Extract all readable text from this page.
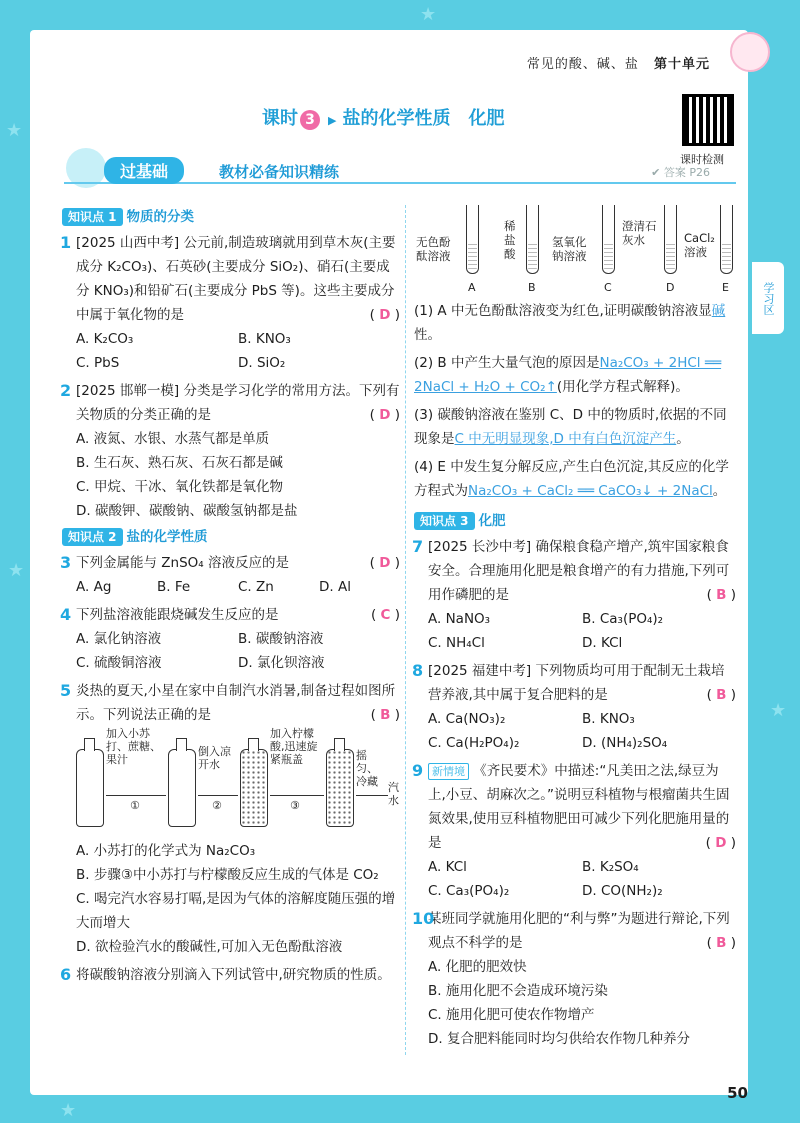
★
★
★
★
★
常见的酸、碱、盐 第十单元
课时 3 ▶ 盐的化学性质　化肥
课时检测
过基础	教材必备知识精练	✔ 答案 P26
学习区
知识点 1 物质的分类
1 [2025 山西中考] 公元前,制造玻璃就用到草木灰(主要成分 K₂CO₃)、石英砂(主要成分 SiO₂)、硝石(主要成分 KNO₃)和铅矿石(主要成分 PbS 等)。这些主要成分中属于氧化物的是	( D )
A. K₂CO₃	B. KNO₃
C. PbS	D. SiO₂
2 [2025 邯郸一模] 分类是学习化学的常用方法。下列有关物质的分类正确的是	( D )
A. 液氮、水银、水蒸气都是单质
B. 生石灰、熟石灰、石灰石都是碱
C. 甲烷、干冰、氧化铁都是氧化物
D. 碳酸钾、碳酸钠、碳酸氢钠都是盐
知识点 2 盐的化学性质
3 下列金属能与 ZnSO₄ 溶液反应的是	( D )
A. Ag	B. Fe	C. Zn	D. Al
4 下列盐溶液能跟烧碱发生反应的是	( C )
A. 氯化钠溶液	B. 碳酸钠溶液
C. 硫酸铜溶液	D. 氯化钡溶液
5 炎热的夏天,小星在家中自制汽水消暑,制备过程如图所示。下列说法正确的是	( B )
加入小苏打、蔗糖、果汁
①
倒入凉开水
②
加入柠檬酸,迅速旋紧瓶盖
③
摇匀、冷藏 汽水
A. 小苏打的化学式为 Na₂CO₃
B. 步骤③中小苏打与柠檬酸反应生成的气体是 CO₂
C. 喝完汽水容易打嗝,是因为气体的溶解度随压强的增大而增大
D. 欲检验汽水的酸碱性,可加入无色酚酞溶液
6 将碳酸钠溶液分别滴入下列试管中,研究物质的性质。
无色酚酞溶液
A
稀盐酸
B
氢氧化钠溶液
C
澄清石灰水
D
CaCl₂溶液
E
(1) A 中无色酚酞溶液变为红色,证明碳酸钠溶液显碱性。
(2) B 中产生大量气泡的原因是Na₂CO₃ + 2HCl ══ 2NaCl + H₂O + CO₂↑(用化学方程式解释)。
(3) 碳酸钠溶液在鉴别 C、D 中的物质时,依据的不同现象是C 中无明显现象,D 中有白色沉淀产生。
(4) E 中发生复分解反应,产生白色沉淀,其反应的化学方程式为Na₂CO₃ + CaCl₂ ══ CaCO₃↓ + 2NaCl。
知识点 3 化肥
7 [2025 长沙中考] 确保粮食稳产增产,筑牢国家粮食安全。合理施用化肥是粮食增产的有力措施,下列可用作磷肥的是	( B )
A. NaNO₃	B. Ca₃(PO₄)₂
C. NH₄Cl	D. KCl
8 [2025 福建中考] 下列物质均可用于配制无土栽培营养液,其中属于复合肥料的是	( B )
A. Ca(NO₃)₂	B. KNO₃
C. Ca(H₂PO₄)₂	D. (NH₄)₂SO₄
9 新情境 《齐民要术》中描述:“凡美田之法,绿豆为上,小豆、胡麻次之。”说明豆科植物与根瘤菌共生固氮效果,使用豆科植物肥田可减少下列化肥施用量的是	( D )
A. KCl	B. K₂SO₄
C. Ca₃(PO₄)₂	D. CO(NH₂)₂
10
某班同学就施用化肥的“利与弊”为题进行辩论,下列观点不科学的是	( B )
A. 化肥的肥效快
B. 施用化肥不会造成环境污染
C. 施用化肥可使农作物增产
D. 复合肥料能同时均匀供给农作物几种养分
50
